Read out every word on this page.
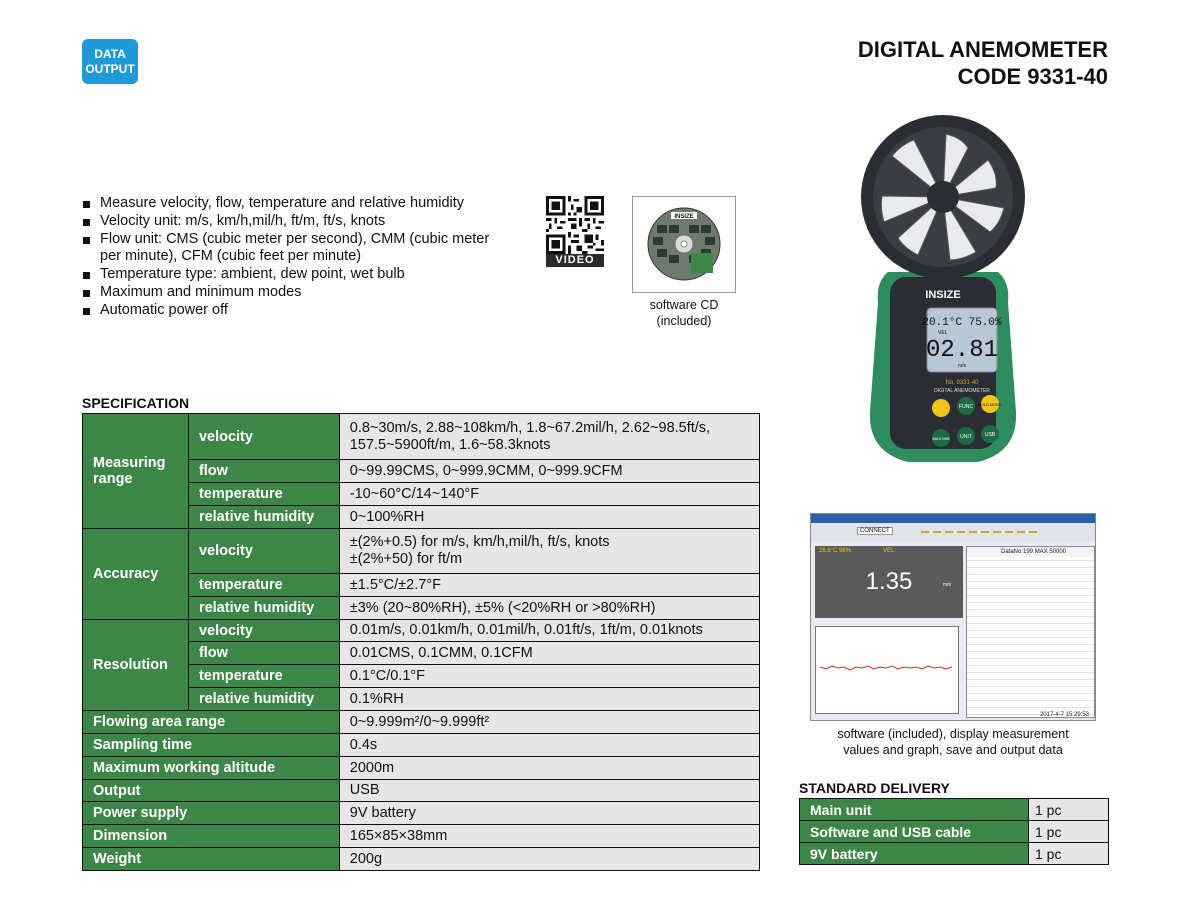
DATA
OUTPUT
DIGITAL ANEMOMETER
CODE 9331-40
Measure velocity, flow, temperature and relative humidity
Velocity unit: m/s, km/h,mil/h, ft/m, ft/s, knots
Flow unit: CMS (cubic meter per second), CMM (cubic meter per minute), CFM (cubic feet per minute)
Temperature type: ambient, dew point, wet bulb
Maximum and minimum modes
Automatic power off
VIDEO
INSIZE
software CD
(included)
INSIZE
20.1°C 75.0%
VEL
02.81
m/s
No. 9331-40
DIGITAL ANEMOMETER
FUNC HOLD MODE
MAX MIN UNIT	USB
CONNECT
26.8°C 98%	VEL
1.35	m/s
DataNo 199 MAX 50000
2017-4-7 15:29:53
software (included), display measurement
values and graph, save and output data
SPECIFICATION
Measuring range	velocity	0.8~30m/s, 2.88~108km/h, 1.8~67.2mil/h, 2.62~98.5ft/s, 157.5~5900ft/m, 1.6~58.3knots
	flow	0~99.99CMS, 0~999.9CMM, 0~999.9CFM
	temperature	-10~60°C/14~140°F
	relative humidity	0~100%RH
Accuracy	velocity	±(2%+0.5) for m/s, km/h,mil/h, ft/s, knots
±(2%+50) for ft/m

	temperature	±1.5°C/±2.7°F
	relative humidity	±3% (20~80%RH), ±5% (<20%RH or >80%RH)
Resolution	velocity	0.01m/s, 0.01km/h, 0.01mil/h, 0.01ft/s, 1ft/m, 0.01knots
	flow	0.01CMS, 0.1CMM, 0.1CFM
	temperature	0.1°C/0.1°F
	relative humidity	0.1%RH
Flowing area range		0~9.999m²/0~9.999ft²
Sampling time		0.4s
Maximum working altitude		2000m
Output		USB
Power supply		9V battery
Dimension		165×85×38mm
Weight		200g
STANDARD DELIVERY
Main unit	1 pc
Software and USB cable	1 pc
9V battery	1 pc
